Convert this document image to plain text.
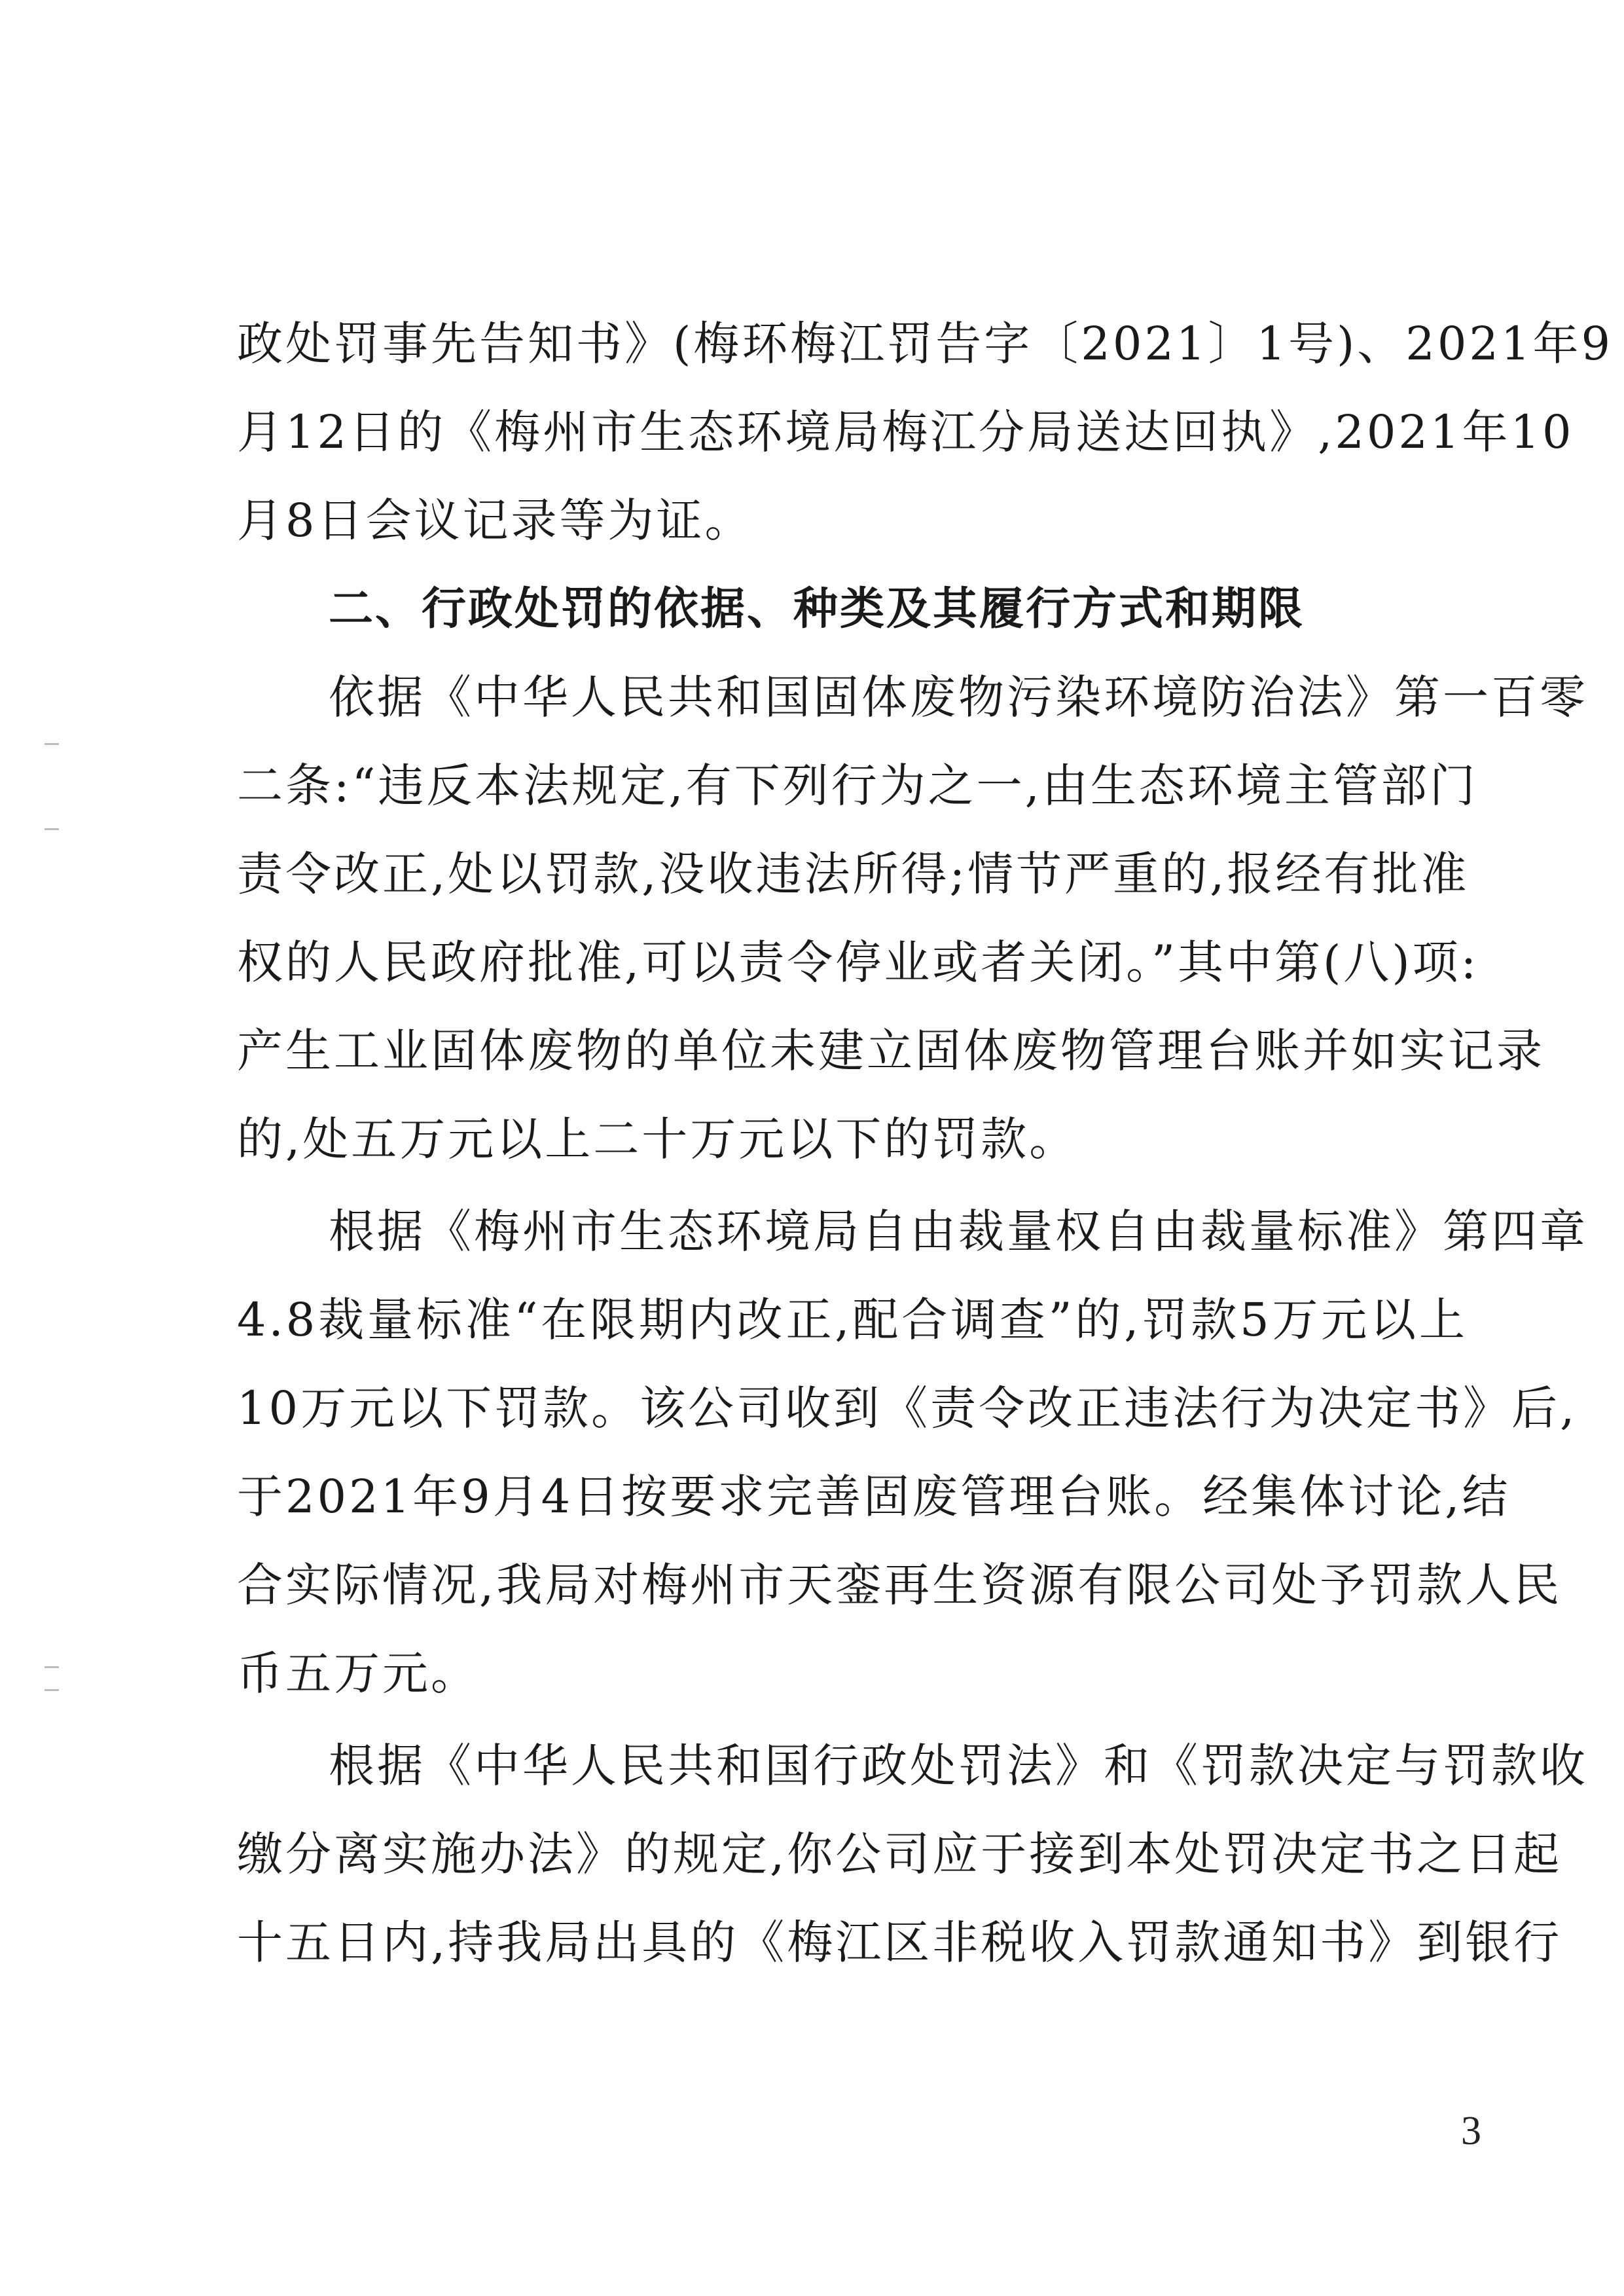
政处罚事先告知书》(梅环梅江罚告字〔2021〕1号)、2021年9
月12日的《梅州市生态环境局梅江分局送达回执》,2021年10
月8日会议记录等为证。
二、行政处罚的依据、种类及其履行方式和期限
依据《中华人民共和国固体废物污染环境防治法》第一百零
二条:“违反本法规定,有下列行为之一,由生态环境主管部门
责令改正,处以罚款,没收违法所得;情节严重的,报经有批准
权的人民政府批准,可以责令停业或者关闭。”其中第(八)项:
产生工业固体废物的单位未建立固体废物管理台账并如实记录
的,处五万元以上二十万元以下的罚款。
根据《梅州市生态环境局自由裁量权自由裁量标准》第四章
4.8裁量标准“在限期内改正,配合调查”的,罚款5万元以上
10万元以下罚款。该公司收到《责令改正违法行为决定书》后,
于2021年9月4日按要求完善固废管理台账。经集体讨论,结
合实际情况,我局对梅州市天銮再生资源有限公司处予罚款人民
币五万元。
根据《中华人民共和国行政处罚法》和《罚款决定与罚款收
缴分离实施办法》的规定,你公司应于接到本处罚决定书之日起
十五日内,持我局出具的《梅江区非税收入罚款通知书》到银行
3
